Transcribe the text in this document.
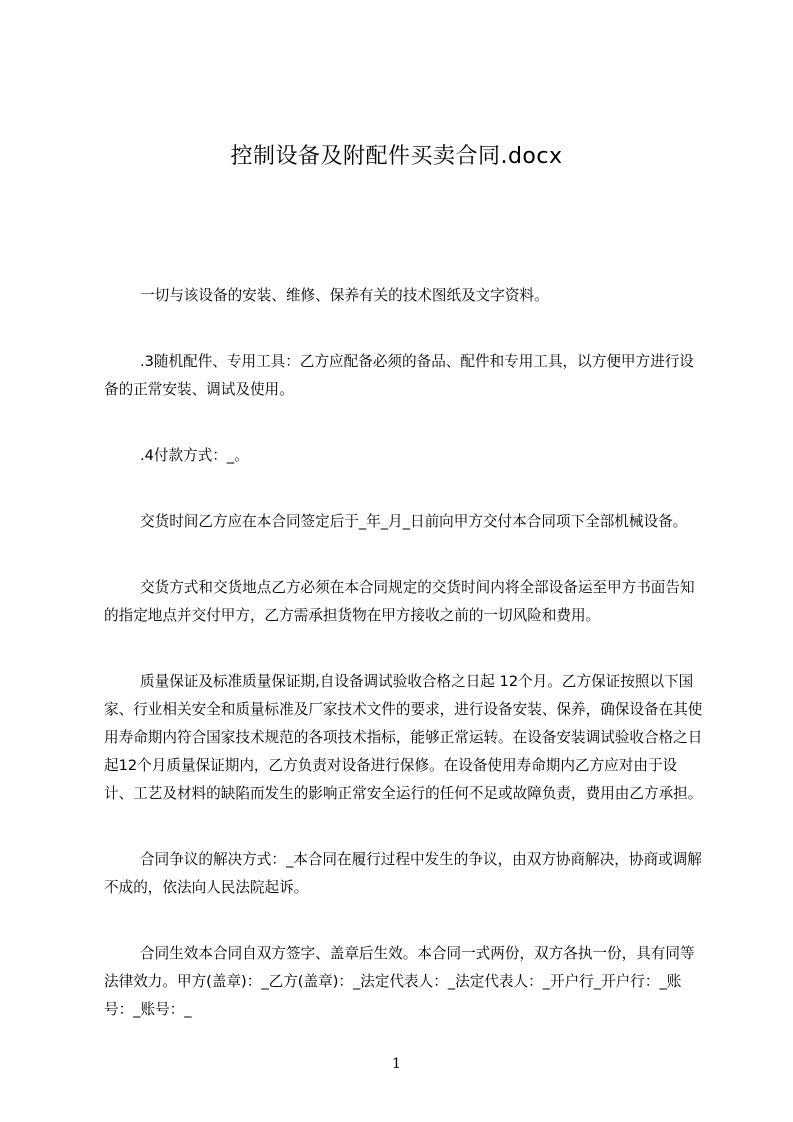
控制设备及附配件买卖合同.docx

一切与该设备的安装、维修、保养有关的技术图纸及文字资料。

.3随机配件、专用工具：乙方应配备必须的备品、配件和专用工具，以方便甲方进行设备的正常安装、调试及使用。

.4付款方式：_。

交货时间乙方应在本合同签定后于_年_月_日前向甲方交付本合同项下全部机械设备。

交货方式和交货地点乙方必须在本合同规定的交货时间内将全部设备运至甲方书面告知的指定地点并交付甲方，乙方需承担货物在甲方接收之前的一切风险和费用。

质量保证及标准质量保证期,自设备调试验收合格之日起 12个月。乙方保证按照以下国家、行业相关安全和质量标准及厂家技术文件的要求，进行设备安装、保养，确保设备在其使用寿命期内符合国家技术规范的各项技术指标，能够正常运转。在设备安装调试验收合格之日起12个月质量保证期内，乙方负责对设备进行保修。在设备使用寿命期内乙方应对由于设计、工艺及材料的缺陷而发生的影响正常安全运行的任何不足或故障负责，费用由乙方承担。

合同争议的解决方式：_本合同在履行过程中发生的争议，由双方协商解决，协商或调解不成的，依法向人民法院起诉。

合同生效本合同自双方签字、盖章后生效。本合同一式两份，双方各执一份，具有同等法律效力。甲方(盖章)：_乙方(盖章)：_法定代表人：_法定代表人：_开户行_开户行：_账号：_账号：_

1
